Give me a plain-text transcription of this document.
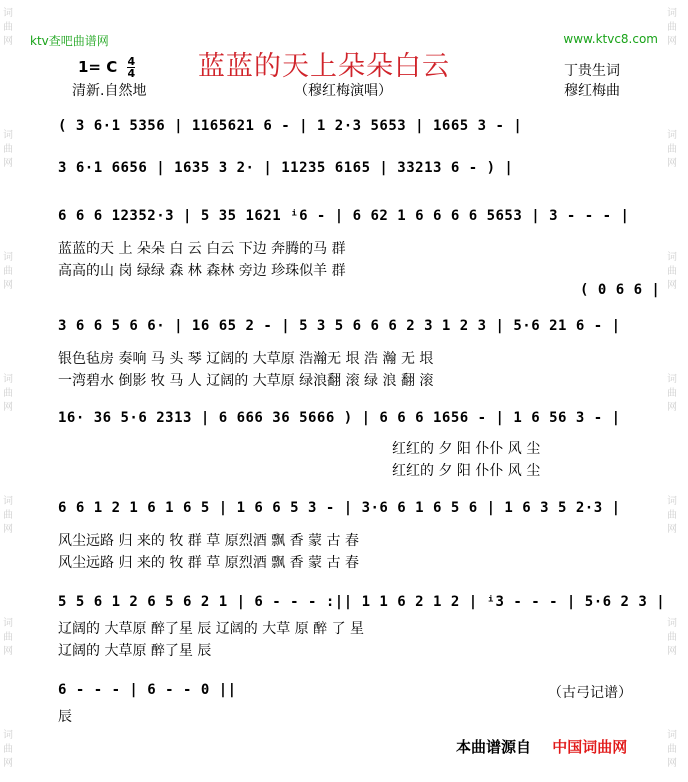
词
曲
网
词
曲
网
词
曲
网
词
曲
网
词
曲
网
词
曲
网
词
曲
网
词
曲
网
词
曲
网
词
曲
网
词
曲
网
词
曲
网
词
曲
网
词
曲
网
ktv查吧曲谱网	www.ktvc8.com
蓝蓝的天上朵朵白云
1= C $\frac{4}{4}$
清新.自然地	（穆红梅演唱）
丁贵生词
穆红梅曲
( 3 6·1 5356 | 1165621 6 - | 1 2·3 5653 | 1665 3 - |
3 6·1 6656 | 1635 3 2· | 11235 6165 | 33213 6 - ) |
6 6 6 12352·3 | 5 35 1621 ⁱ6 - | 6 62 1 6 6 6 6 5653 | 3 - - - |
蓝蓝的天 上 朵朵 白 云 白云 下边 奔腾的马 群
高高的山 岗 绿绿 森 林 森林 旁边 珍珠似羊 群
( 0 6 6 |
3 6 6 5 6 6· | 16 65 2 - | 5 3 5 6 6 6 2 3 1 2 3 | 5·6 21 6 - |
银色毡房 奏响 马 头 琴 辽阔的 大草原 浩瀚无 垠 浩 瀚 无 垠
一湾碧水 倒影 牧 马 人 辽阔的 大草原 绿浪翻 滚 绿 浪 翻 滚
16· 36 5·6 2313 | 6 666 36 5666 ) | 6 6 6 1656 - | 1 6 56 3 - |
红红的 夕 阳 仆仆 风 尘
红红的 夕 阳 仆仆 风 尘
6 6 1 2 1 6 1 6 5 | 1 6 6 5 3 - | 3·6 6 1 6 5 6 | 1 6 3 5 2·3 |
风尘远路 归 来的 牧 群 草 原烈酒 飘 香 蒙 古 春
风尘远路 归 来的 牧 群 草 原烈酒 飘 香 蒙 古 春
5 5 6 1 2 6 5 6 2 1 | 6 - - - :|| 1 1 6 2 1 2 | ⁱ3 - - - | 5·6 2 3 |
辽阔的 大草原 醉了星 辰 辽阔的 大草 原 醉 了 星
辽阔的 大草原 醉了星 辰
6 - - - | 6 - - 0 ||
辰
（古弓记谱）
本曲谱源自 中国词曲网
